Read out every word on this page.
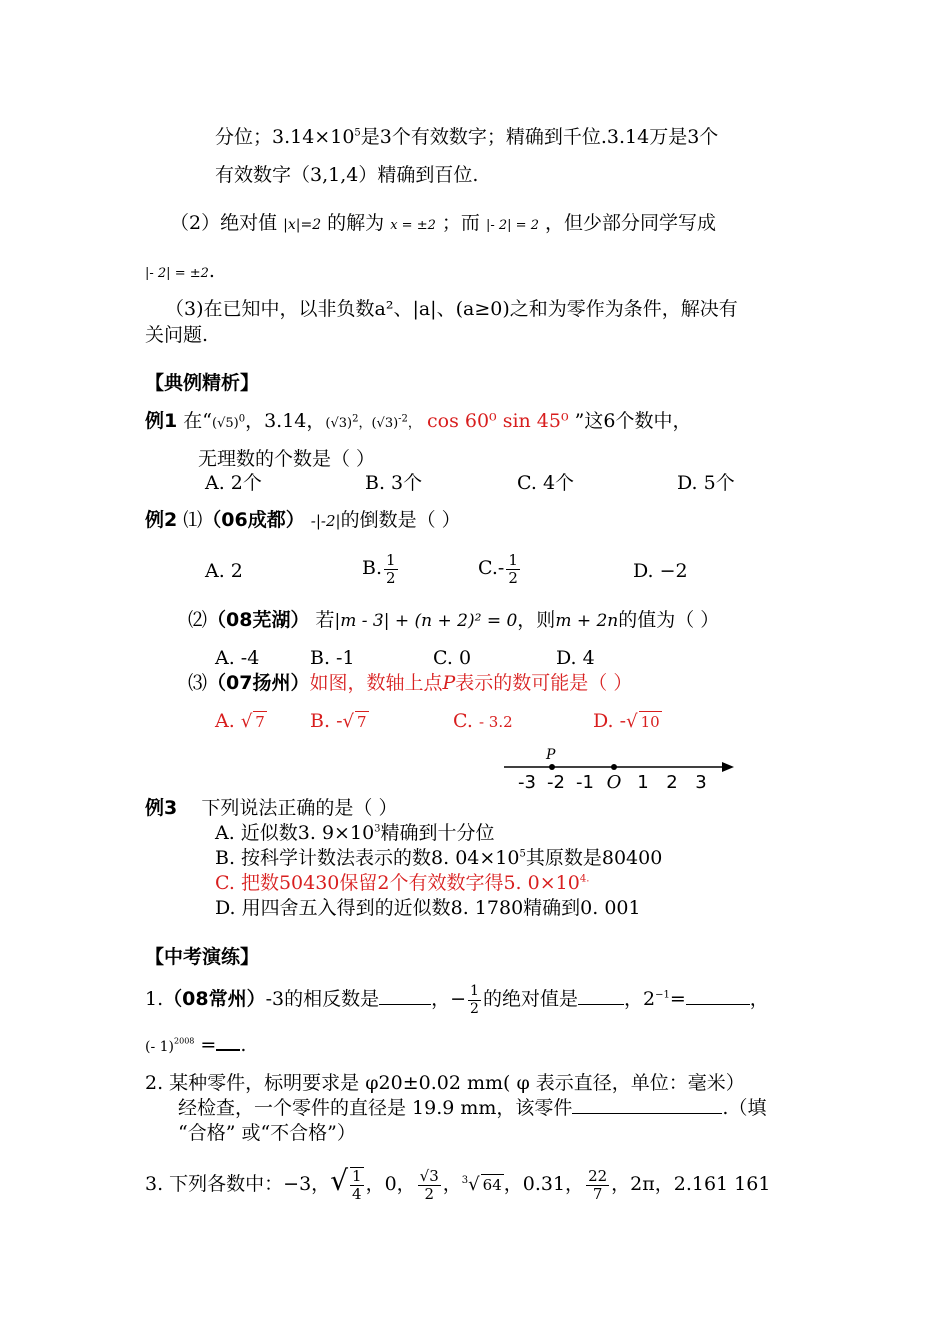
分位；$3.14\times 10^5$是3个有效数字；精确到千位.3.14万是3个
有效数字（3,1,4）精确到百位.
（2）绝对值 |x|=2 的解为 x = ±2 ；而 |- 2| = 2 ，但少部分同学写成
|- 2| = ±2.
（3)在已知中，以非负数a²、|a|、(a≥0)之和为零作为条件，解决有
关问题.
【典例精析】
例1 在“$(√5)^0$，3.14，$(√3)^2$，$(√3)^{-2}$， cos 60⁰ sin 45⁰ ”这6个数中，
无理数的个数是（ ）
A. 2个	B. 3个	C. 4个	D. 5个
例2 ⑴（06成都） -|-2|的倒数是（ ）
A. 2	B. $\frac{1}{2}$	$C.- \frac{1}{2}$	D. −2
⑵（08芜湖） 若|m - 3| + (n + 2)² = 0，则m + 2n的值为（ ）
A. -4	B. -1	C. 0	D. 4
⑶（07扬州）如图，数轴上点P表示的数可能是（ ）
A. √ 7 B. -√ 7	C. - 3.2	D. -√ 10
-3 -2 -1 O 1 2 3
P
例3 下列说法正确的是（ ）
A. 近似数3. $9\times 10^3$精确到十分位
B. 按科学计数法表示的数8. $04\times 10^5$其原数是80400
C. 把数50430保留2个有效数字得5. $0\times 10^{4.}$
D. 用四舍五入得到的近似数8. 1780精确到0. 001
【中考演练】
1.（08常州）-3的相反数是	，− $\frac{1}{2}$ 的绝对值是 ，$2^{-1}=$	，
(- 1)$^{2008}$ = .
2. 某种零件，标明要求是 φ20±0.02 mm( φ 表示直径，单位：毫米）
经检查，一个零件的直径是 19.9 mm，该零件	.（填
“合格” 或“不合格”）
3. 下列各数中：−3，√ $\frac{1}{4}$ ，0， $\frac{√3}{2}$ ，$^3$√ 64 ，0.31， $\frac{22}{7}$ ，2π，2.161 161
